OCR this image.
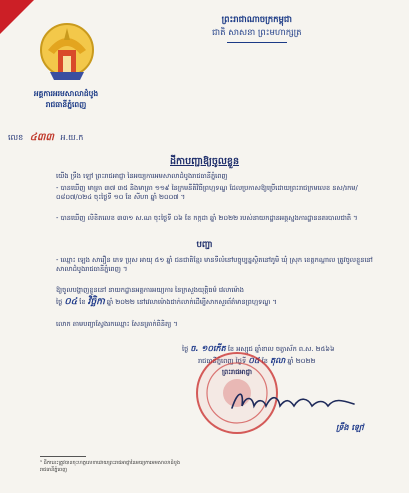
ព្រះរាជាណាចក្រកម្ពុជា
ជាតិ សាសនា ព្រះមហាក្សត្រ
អគ្គការអរមសាលាដំបូង
រាជធានីភ្នំពេញ
លេខ ៤៣៣ អ.យ.ក
ដីកាបញ្ជាឱ្យចូលខ្លួន
យើង ទ្រឹង ឡៅ ព្រះរាជអាជ្ញា នៃអយ្យការអមសាលាដំបូងរាជធានីភ្នំពេញ
- បានឃើញ មាត្រា ៣៧ ៣៥ និងមាត្រា ១១៩ នៃក្រមនីតិវិធីព្រហ្មទណ្ឌ ដែលប្រកាសឱ្យប្រើដោយព្រះរាជក្រមលេខ នស/រកម/០៨០៧/០២៤ ចុះថ្ងៃទី ១០ ខែ សីហា ឆ្នាំ ២០០៧ ។
- បានឃើញ លិខិតលេខ ៣៣១ ស.ណ ចុះថ្ងៃទី ០៦ ខែ កក្កដា ឆ្នាំ ២០២២ របស់នាយកដ្ឋានអគ្គស្នងការដ្ឋាននគរបាលជាតិ ។
បញ្ជា
- ឈ្មោះ ឡេង សារឿន ភេទ ប្រុស អាយុ ៥១ ឆ្នាំ ជនជាតិខ្មែរ មានទីលំនៅបច្ចុប្បន្នស្ថិតនៅភូមិ ឃុំ ស្រុក ខេត្តកណ្ដាល ត្រូវចូលខ្លួននៅសាលាដំបូងរាជធានីភ្នំពេញ ។
ឱ្យចូលបង្ហាញខ្លួននៅ នាយកដ្ឋានអគ្គការអយ្យការ នៃក្រសួងយុត្តិធម៌ វេលាម៉ោង
ថ្ងៃ ០៤ ខែ វិច្ឆិកា ឆ្នាំ ២០២២ នៅវេលាម៉ោងជាក់លាក់ដើម្បីសាកសួរព័ត៌មានព្រហ្មទណ្ឌ ។
លោក តាមបញ្ជាស្វែងរកឈ្មោះ សែនគ្រាក់ពិនិត្យ ។
ថ្ងៃ ច. ១០កើត ខែ អស្សុជ ឆ្នាំខាល ចត្វាស័ក ព.ស. ២៥៦៦
រាជធានីភ្នំពេញ ថ្ងៃទី ០៥ ខែ តុលា ឆ្នាំ ២០២២
ព្រះរាជអាជ្ញា
ទ្រឹង ឡៅ
¹ ដីកានេះត្រូវបានចុះហត្ថលេខាដោយព្រះរាជអាជ្ញានៃអយ្យការអមសាលាដំបូងរាជធានីភ្នំពេញ
